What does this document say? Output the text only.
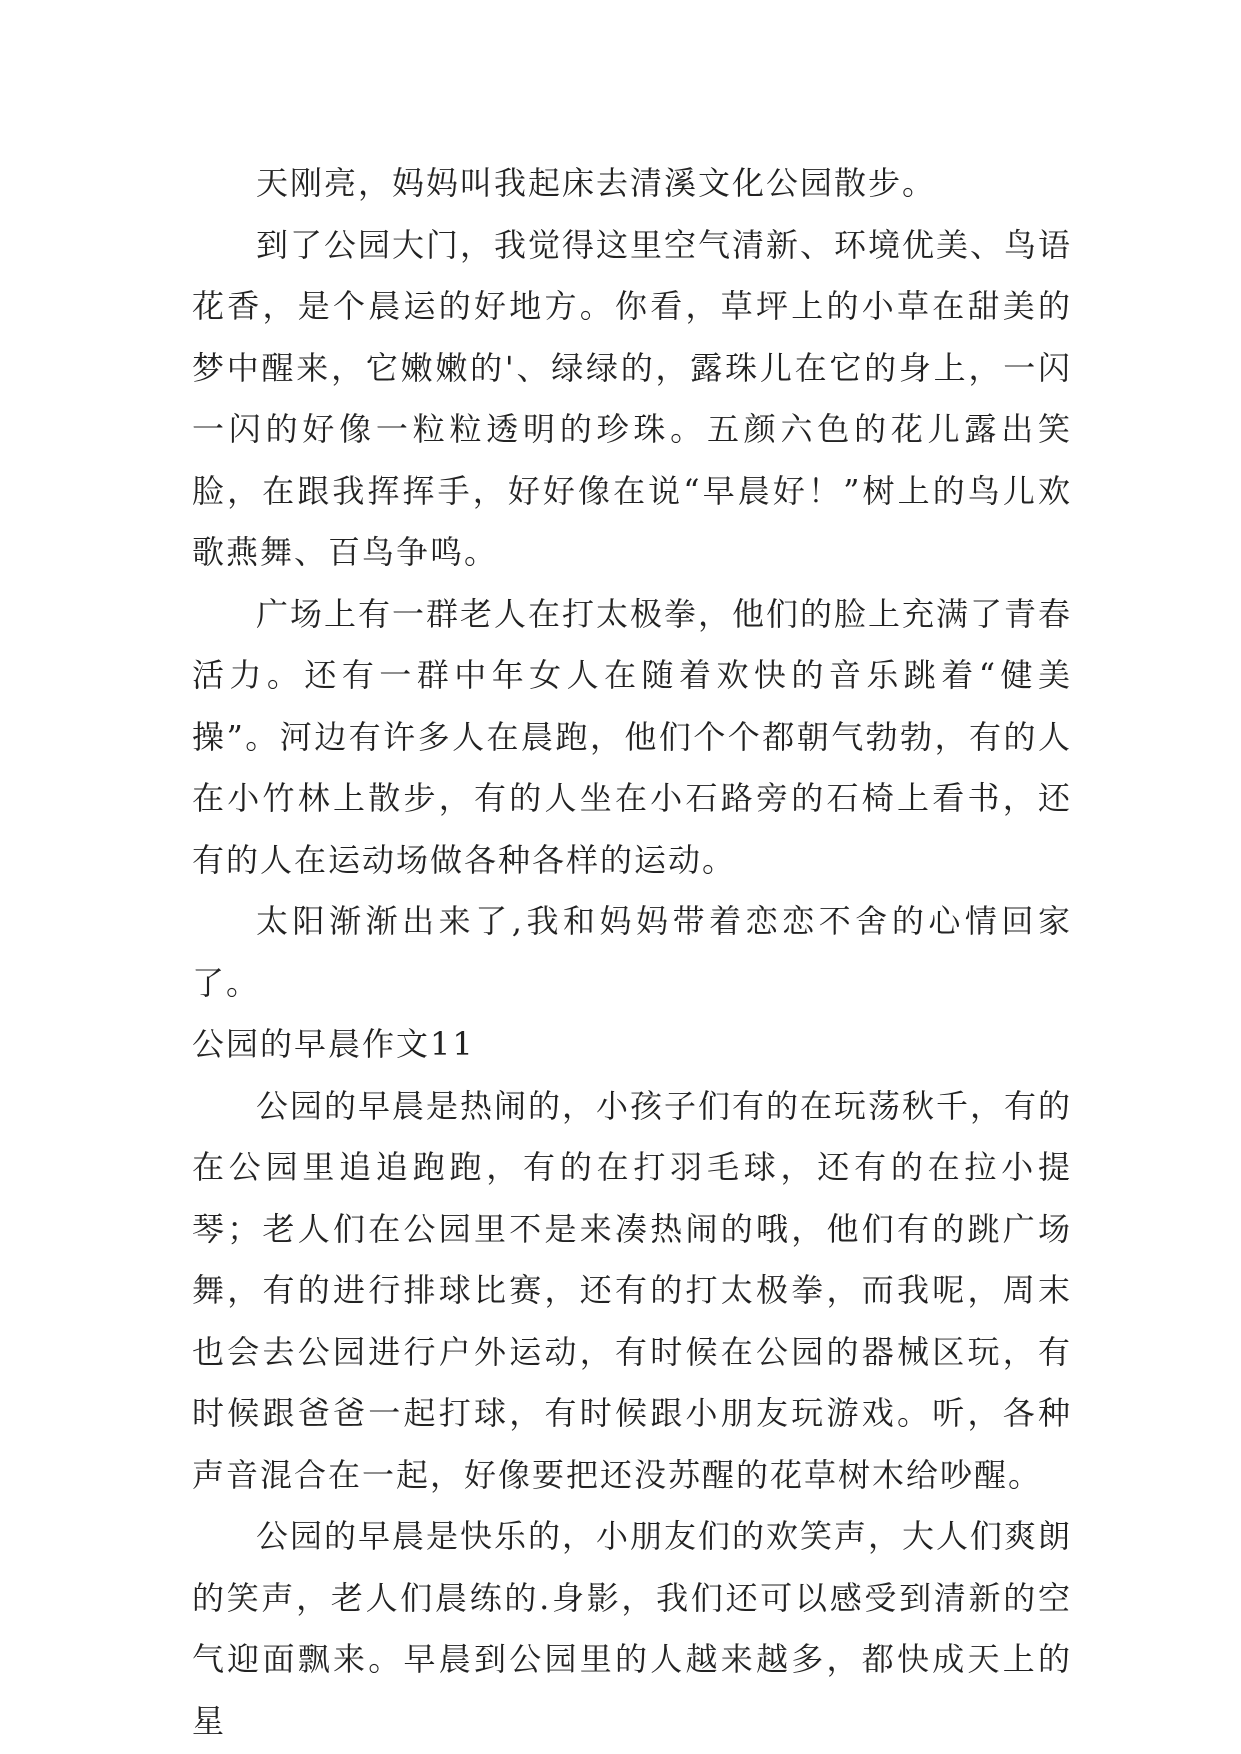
天刚亮，妈妈叫我起床去清溪文化公园散步。

到了公园大门，我觉得这里空气清新、环境优美、鸟语花香，是个晨运的好地方。你看，草坪上的小草在甜美的梦中醒来，它嫩嫩的'、绿绿的，露珠儿在它的身上，一闪一闪的好像一粒粒透明的珍珠。五颜六色的花儿露出笑脸，在跟我挥挥手，好好像在说“早晨好！”树上的鸟儿欢歌燕舞、百鸟争鸣。

广场上有一群老人在打太极拳，他们的脸上充满了青春活力。还有一群中年女人在随着欢快的音乐跳着“健美操”。河边有许多人在晨跑，他们个个都朝气勃勃，有的人在小竹林上散步，有的人坐在小石路旁的石椅上看书，还有的人在运动场做各种各样的运动。

太阳渐渐出来了,我和妈妈带着恋恋不舍的心情回家了。

公园的早晨作文11

公园的早晨是热闹的，小孩子们有的在玩荡秋千，有的在公园里追追跑跑，有的在打羽毛球，还有的在拉小提琴；老人们在公园里不是来凑热闹的哦，他们有的跳广场舞，有的进行排球比赛，还有的打太极拳，而我呢，周末也会去公园进行户外运动，有时候在公园的器械区玩，有时候跟爸爸一起打球，有时候跟小朋友玩游戏。听，各种声音混合在一起，好像要把还没苏醒的花草树木给吵醒。

公园的早晨是快乐的，小朋友们的欢笑声，大人们爽朗的笑声，老人们晨练的.身影，我们还可以感受到清新的空气迎面飘来。早晨到公园里的人越来越多，都快成天上的星
